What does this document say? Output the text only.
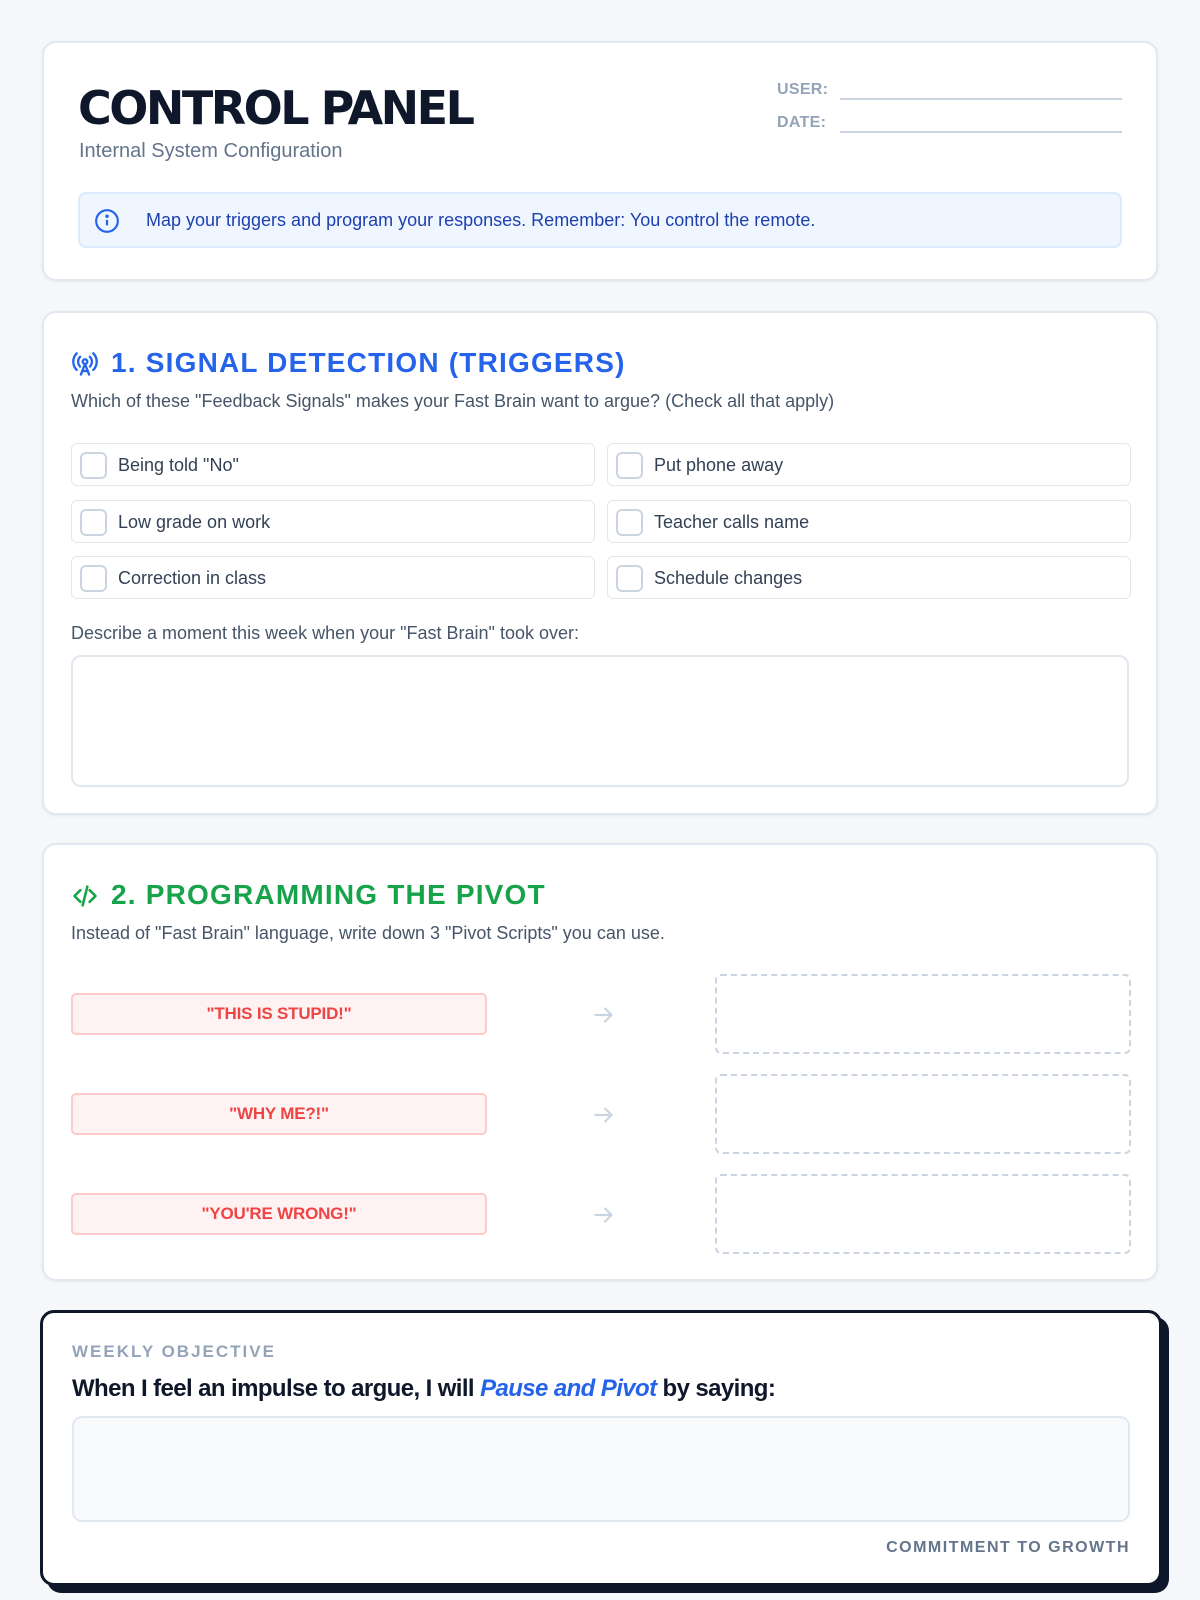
CONTROL PANEL
Internal System Configuration
USER:
DATE:
Map your triggers and program your responses. Remember: You control the remote.
1. SIGNAL DETECTION (TRIGGERS)
Which of these "Feedback Signals" makes your Fast Brain want to argue? (Check all that apply)
Being told "No"	Put phone away
Low grade on work	Teacher calls name
Correction in class	Schedule changes
Describe a moment this week when your "Fast Brain" took over:
2. PROGRAMMING THE PIVOT
Instead of "Fast Brain" language, write down 3 "Pivot Scripts" you can use.
"THIS IS STUPID!"
"WHY ME?!"
"YOU'RE WRONG!"
WEEKLY OBJECTIVE
When I feel an impulse to argue, I will Pause and Pivot by saying:
COMMITMENT TO GROWTH
